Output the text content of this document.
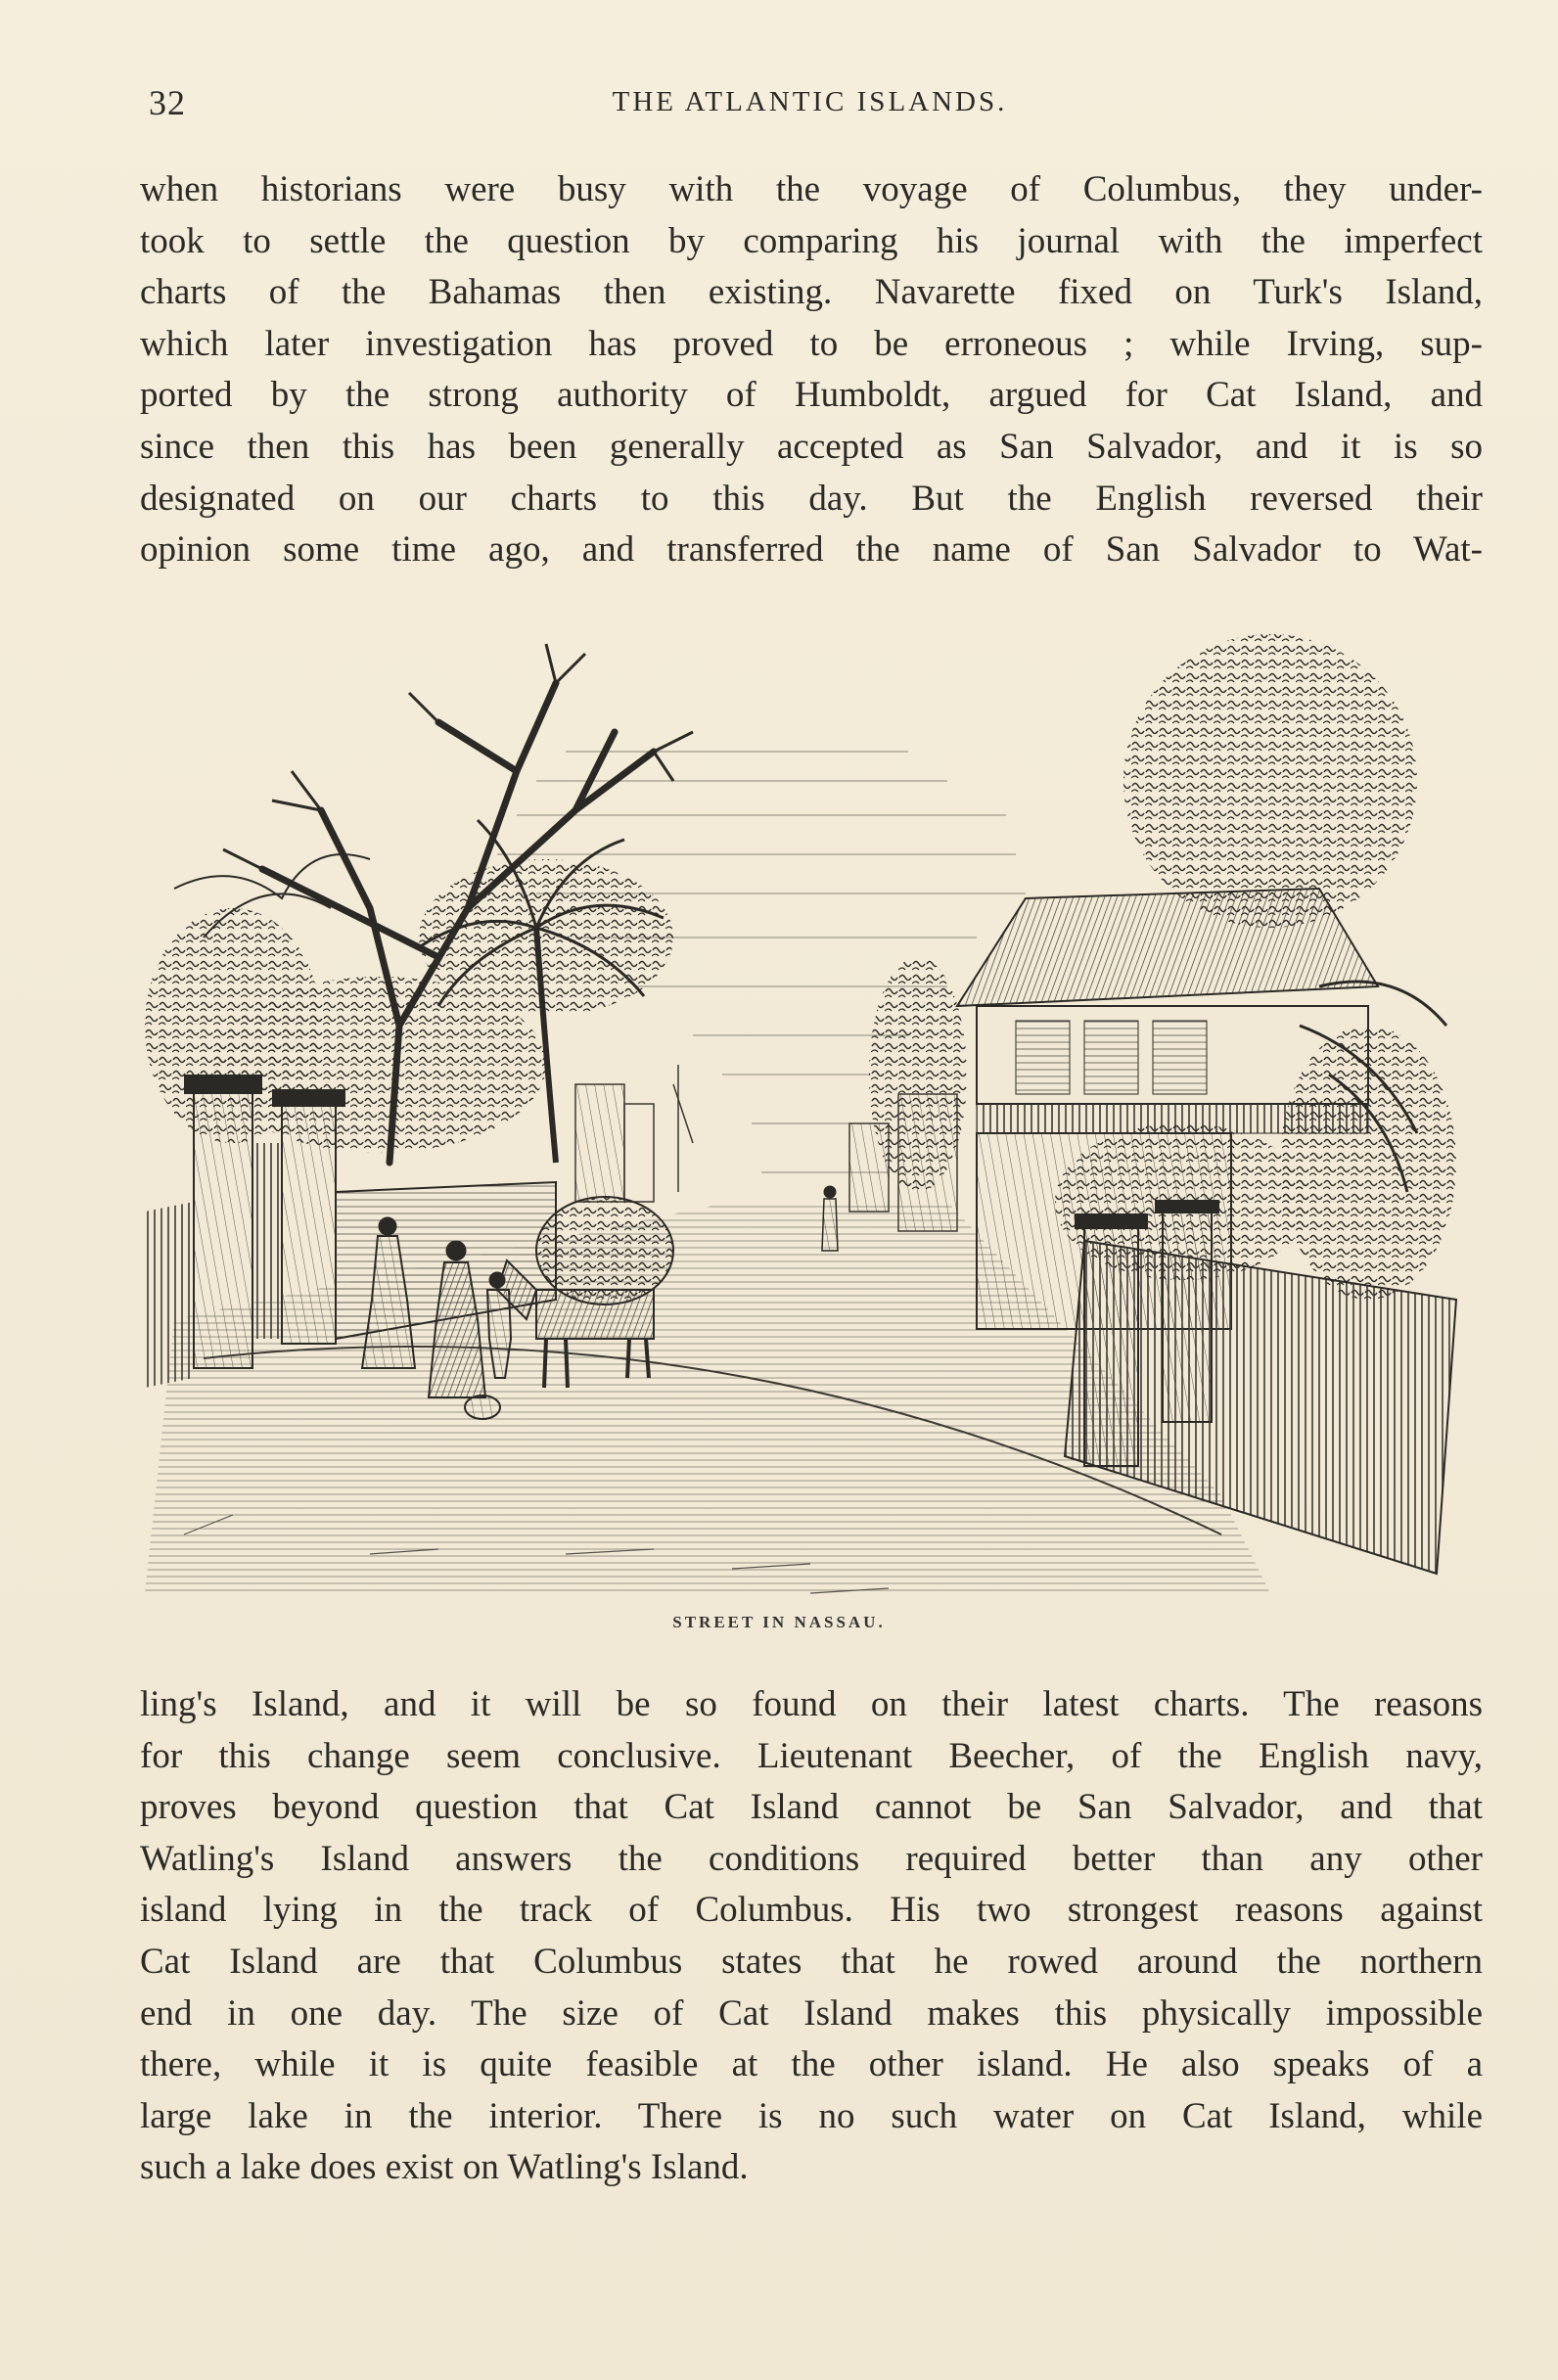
32	THE ATLANTIC ISLANDS.
when historians were busy with the voyage of Columbus, they under-
took to settle the question by comparing his journal with the imperfect
charts of the Bahamas then existing. Navarette fixed on Turk's Island,
which later investigation has proved to be erroneous ; while Irving, sup-
ported by the strong authority of Humboldt, argued for Cat Island, and
since then this has been generally accepted as San Salvador, and it is so
designated on our charts to this day. But the English reversed their
opinion some time ago, and transferred the name of San Salvador to Wat-
STREET IN NASSAU.
ling's Island, and it will be so found on their latest charts. The reasons
for this change seem conclusive. Lieutenant Beecher, of the English navy,
proves beyond question that Cat Island cannot be San Salvador, and that
Watling's Island answers the conditions required better than any other
island lying in the track of Columbus. His two strongest reasons against
Cat Island are that Columbus states that he rowed around the northern
end in one day. The size of Cat Island makes this physically impossible
there, while it is quite feasible at the other island. He also speaks of a
large lake in the interior. There is no such water on Cat Island, while
such a lake does exist on Watling's Island.
